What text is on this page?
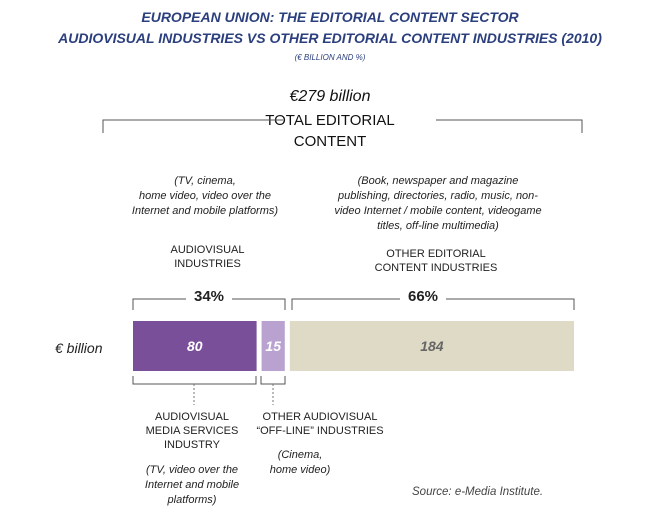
EUROPEAN UNION: THE EDITORIAL CONTENT SECTOR
AUDIOVISUAL INDUSTRIES VS OTHER EDITORIAL CONTENT INDUSTRIES (2010)
(€ BILLION AND %)
€279 billion
TOTAL EDITORIAL
CONTENT
80	15	184
34%	66%
(TV, cinema,
home video, video over the
Internet and mobile platforms)
AUDIOVISUAL
INDUSTRIES
(Book, newspaper and magazine
publishing, directories, radio, music, non-
video Internet / mobile content, videogame
titles, off-line multimedia)
OTHER EDITORIAL
CONTENT INDUSTRIES
€ billion
AUDIOVISUAL
MEDIA SERVICES
INDUSTRY
(TV, video over the
Internet and mobile
platforms)
OTHER AUDIOVISUAL
“OFF-LINE” INDUSTRIES
(Cinema,
home video)
Source: e-Media Institute.
